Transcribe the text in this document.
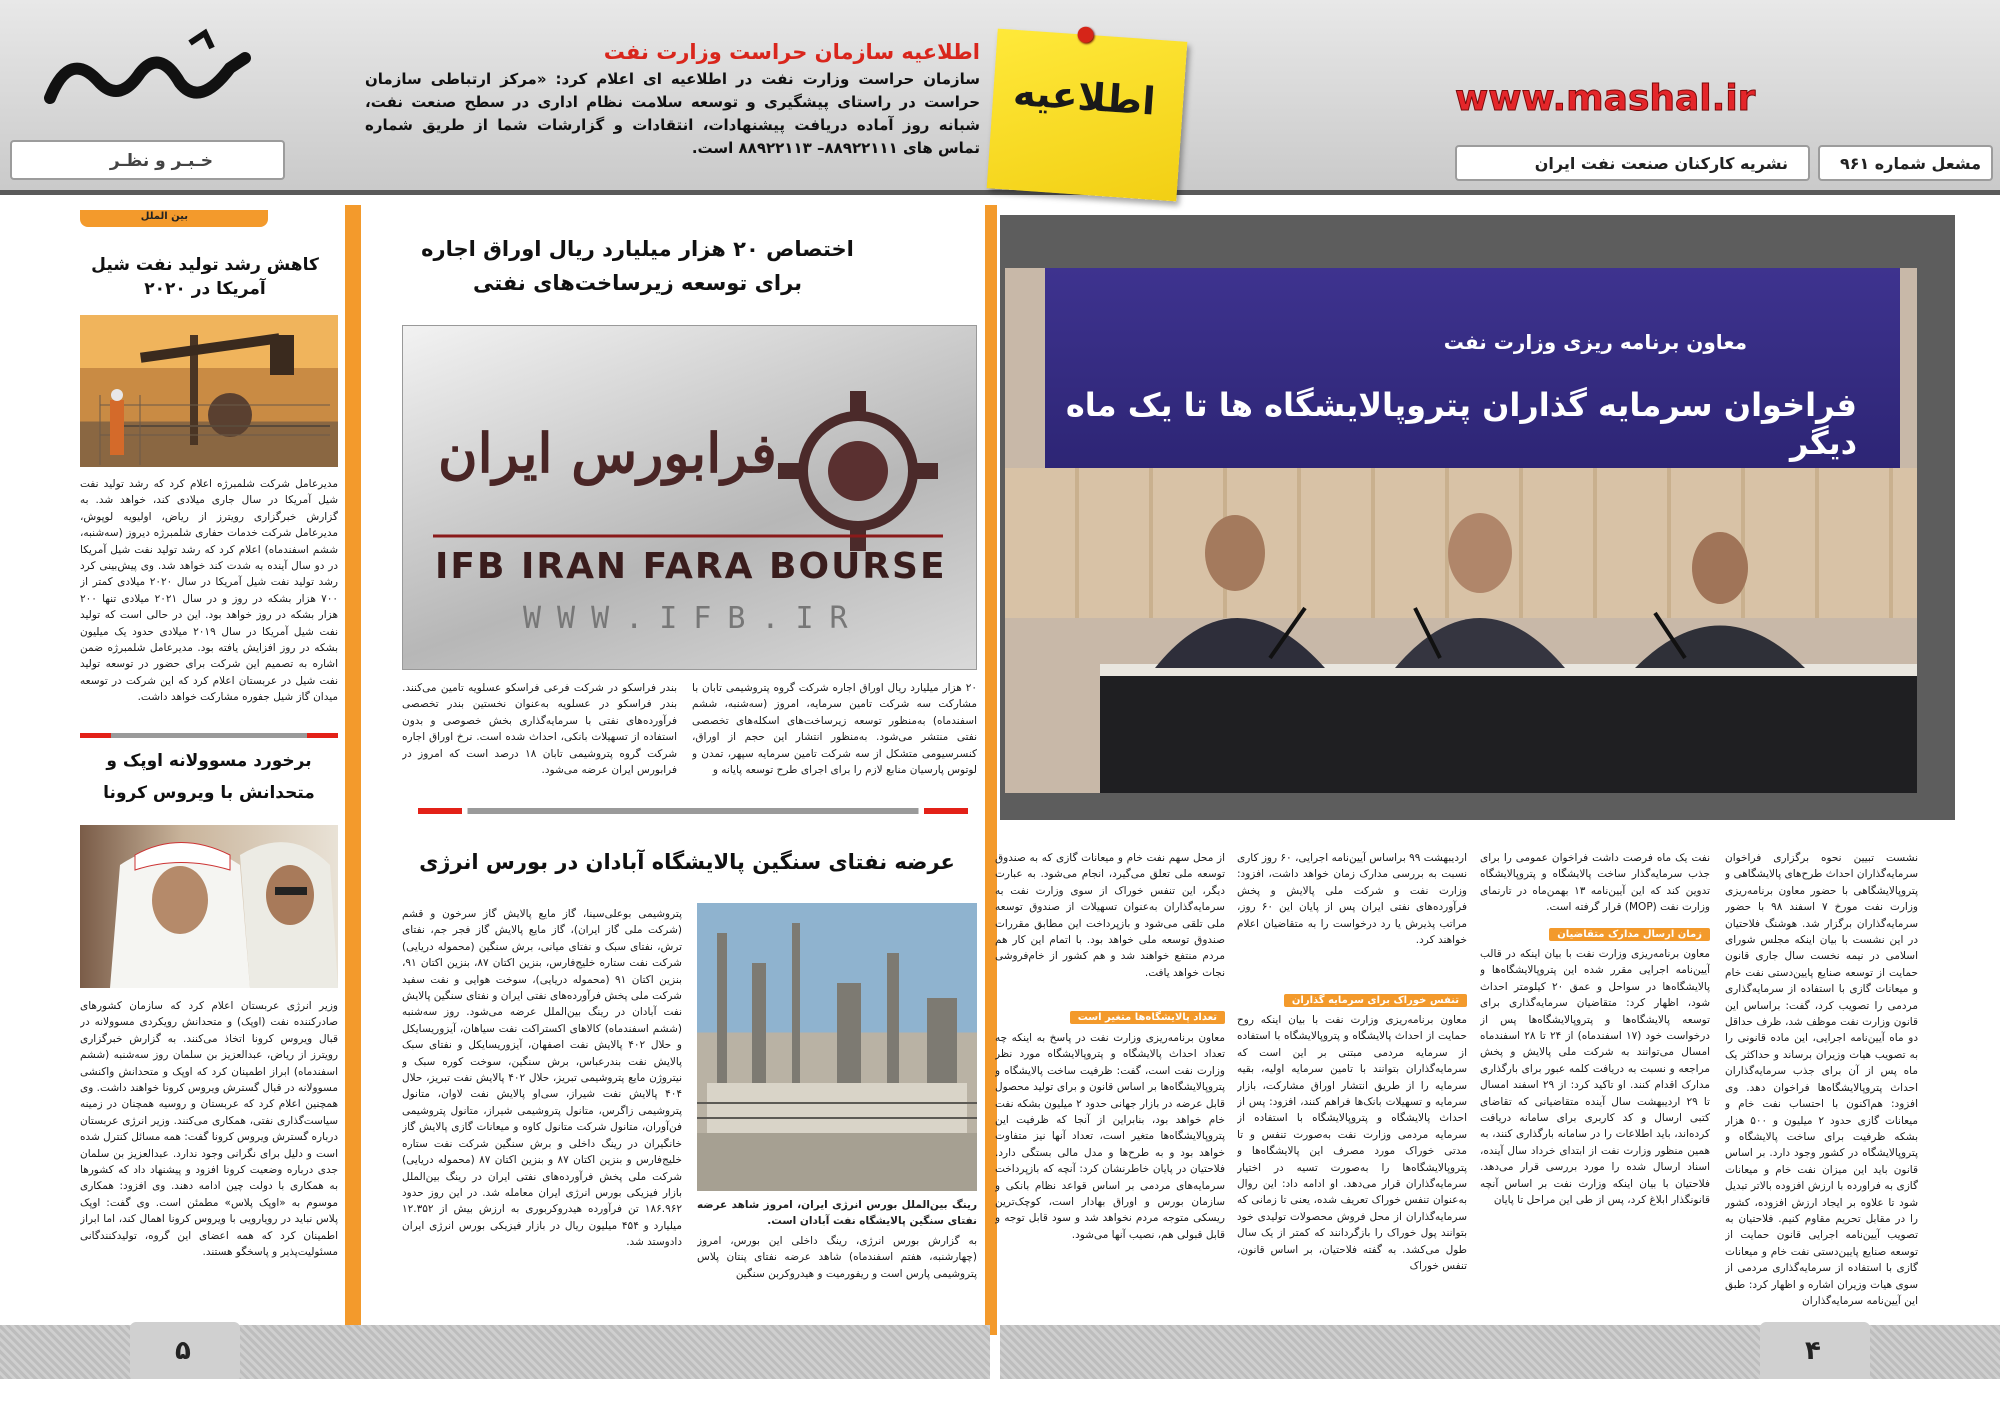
خـبـر و نظـر
اطلاعیه سازمان حراست وزارت نفت
سازمان حراست وزارت نفت در اطلاعیه ای اعلام کرد: «مرکز ارتباطی سازمان حراست در راستای پیشگیری و توسعه سلامت نظام اداری در سطح صنعت نفت، شبانه روز آماده دریافت پیشنهادات، انتقادات و گزارشات شما از طریق شماره تماس های ۸۸۹۲۲۱۱۱– ۸۸۹۲۲۱۱۳ است.
اطلاعیه	www.mashal.ir
نشریه کارکنان صنعت نفت ایران	مشعل شماره ۹۶۱
بین الملل
کاهش رشد تولید نفت شیل آمریکا در ۲۰۲۰
مدیرعامل شرکت شلمبرژه اعلام کرد که رشد تولید نفت شیل آمریکا در سال جاری میلادی کند، خواهد شد. به گزارش خبرگزاری رویترز از ریاض، اولیویه لوپوش، مدیرعامل شرکت خدمات حفاری شلمبرژه دیروز (سه‌شنبه، ششم اسفندماه) اعلام کرد که رشد تولید نفت شیل آمریکا در دو سال آینده به شدت کند خواهد شد. وی پیش‌بینی کرد رشد تولید نفت شیل آمریکا در سال ۲۰۲۰ میلادی کمتر از ۷۰۰ هزار بشکه در روز و در سال ۲۰۲۱ میلادی تنها ۲۰۰ هزار بشکه در روز خواهد بود. این در حالی است که تولید نفت شیل آمریکا در سال ۲۰۱۹ میلادی حدود یک میلیون بشکه در روز افزایش یافته بود. مدیرعامل شلمبرژه ضمن اشاره به تصمیم این شرکت برای حضور در توسعه تولید نفت شیل در عربستان اعلام کرد که این شرکت در توسعه میدان گاز شیل جفوره مشارکت خواهد داشت.
برخورد مسوولانه اوپک و متحدانش با ویروس کرونا
وزیر انرژی عربستان اعلام کرد که سازمان کشورهای صادرکننده نفت (اوپک) و متحدانش رویکردی مسوولانه در قبال ویروس کرونا اتخاذ می‌کنند. به گزارش خبرگزاری رویترز از ریاض، عبدالعزیز بن سلمان روز سه‌شنبه (ششم اسفندماه) ابراز اطمینان کرد که اوپک و متحدانش واکنشی مسوولانه در قبال گسترش ویروس کرونا خواهند داشت. وی همچنین اعلام کرد که عربستان و روسیه همچنان در زمینه سیاست‌گذاری نفتی، همکاری می‌کنند. وزیر انرژی عربستان درباره گسترش ویروس کرونا گفت: همه مسائل کنترل شده است و دلیل برای نگرانی وجود ندارد. عبدالعزیز بن سلمان جدی درباره وضعیت کرونا افزود و پیشنهاد داد که کشورها به همکاری با دولت چین ادامه دهند. وی افزود: همکاری موسوم به «اوپک پلاس» مطمئن است. وی گفت: اوپک پلاس نباید در رویارویی با ویروس کرونا اهمال کند، اما ابراز اطمینان کرد که همه اعضای این گروه، تولیدکنندگانی مسئولیت‌پذیر و پاسخگو هستند.
اختصاص ۲۰ هزار میلیارد ریال اوراق اجاره برای توسعه زیرساخت‌های نفتی
فرابورس ایران
IFB IRAN FARA BOURSE
WWW.IFB.IR
۲۰ هزار میلیارد ریال اوراق اجاره شرکت گروه پتروشیمی تابان با مشارکت سه شرکت تامین سرمایه، امروز (سه‌شنبه، ششم اسفندماه) به‌منظور توسعه زیرساخت‌های اسکله‌های تخصصی نفتی منتشر می‌شود. به‌منظور انتشار این حجم از اوراق، کنسرسیومی متشکل از سه شرکت تامین سرمایه سپهر، تمدن و لوتوس پارسیان منابع لازم را برای اجرای طرح توسعه پایانه و
بندر فراسکو در شرکت فرعی فراسکو عسلویه تامین می‌کنند. بندر فراسکو در عسلویه به‌عنوان نخستین بندر تخصصی فرآورده‌های نفتی با سرمایه‌گذاری بخش خصوصی و بدون استفاده از تسهیلات بانکی، احداث شده است. نرخ اوراق اجاره شرکت گروه پتروشیمی تابان ۱۸ درصد است که امروز در فرابورس ایران عرضه می‌شود.
عرضه نفتای سنگین پالایشگاه آبادان در بورس انرژی
رینگ بین‌الملل بورس انرژی ایران، امروز شاهد عرضه نفتای سنگین پالایشگاه نفت آبادان است.
به گزارش بورس انرژی، رینگ داخلی این بورس، امروز (چهارشنبه، هفتم اسفندماه) شاهد عرضه نفتای پنتان پلاس پتروشیمی پارس است و ریفورمیت و هیدروکربن سنگین
پتروشیمی بوعلی‌سینا، گاز مایع پالایش گاز سرخون و قشم (شرکت ملی گاز ایران)، گاز مایع پالایش گاز فجر جم، نفتای ترش، نفتای سبک و نفتای میانی، برش سنگین (محموله دریایی) شرکت نفت ستاره خلیج‌فارس، بنزین اکتان ۸۷، بنزین اکتان ۹۱، بنزین اکتان ۹۱ (محموله دریایی)، سوخت هوایی و نفت سفید شرکت ملی پخش فرآورده‌های نفتی ایران و نفتای سنگین پالایش نفت آبادان در رینگ بین‌الملل عرضه می‌شود. روز سه‌شنبه (ششم اسفندماه) کالاهای اکستراکت نفت سیاهان، آیزوریسایکل و حلال ۴۰۲ پالایش نفت اصفهان، آیزوریسایکل و نفتای سبک پالایش نفت بندرعباس، برش سنگین، سوخت کوره سبک و نیتروژن مایع پتروشیمی تبریز، حلال ۴۰۲ پالایش نفت تبریز، حلال ۴۰۴ پالایش نفت شیراز، سی‌او پالایش نفت لاوان، متانول پتروشیمی زاگرس، متانول پتروشیمی شیراز، متانول پتروشیمی فن‌آوران، متانول شرکت متانول کاوه و میعانات گازی پالایش گاز خانگیران در رینگ داخلی و برش سنگین شرکت نفت ستاره خلیج‌فارس و بنزین اکتان ۸۷ و بنزین اکتان ۸۷ (محموله دریایی) شرکت ملی پخش فرآورده‌های نفتی ایران در رینگ بین‌الملل بازار فیزیکی بورس انرژی ایران معامله شد. در این روز حدود ۱۸۶.۹۶۲ تن فرآورده هیدروکربوری به ارزش بیش از ۱۲.۳۵۲ میلیارد و ۴۵۴ میلیون ریال در بازار فیزیکی بورس انرژی ایران دادوستد شد.
۵
معاون برنامه ریزی وزارت نفت
فراخوان سرمایه گذاران پتروپالایشگاه ها تا یک ماه دیگر
نشست تبیین نحوه برگزاری فراخوان سرمایه‌گذاران احداث طرح‌های پالایشگاهی و پتروپالایشگاهی با حضور معاون برنامه‌ریزی وزارت نفت مورخ ۷ اسفند ۹۸ با حضور سرمایه‌گذاران برگزار شد. هوشنگ فلاحتیان در این نشست با بیان اینکه مجلس شورای اسلامی در نیمه نخست سال جاری قانون حمایت از توسعه صنایع پایین‌دستی نفت خام و میعانات گازی با استفاده از سرمایه‌گذاری مردمی را تصویب کرد، گفت: براساس این قانون وزارت نفت موظف شد، ظرف حداقل دو ماه آیین‌نامه اجرایی، این ماده قانونی را به تصویب هیات وزیران برساند و حداکثر یک ماه پس از آن برای جذب سرمایه‌گذاران احداث پتروپالایشگاه‌ها فراخوان دهد. وی افزود: هم‌اکنون با احتساب نفت خام و میعانات گازی حدود ۲ میلیون و ۵۰۰ هزار بشکه ظرفیت برای ساخت پالایشگاه و پتروپالایشگاه در کشور وجود دارد. بر اساس قانون باید این میزان نفت خام و میعانات گازی به فراورده با ارزش افزوده بالاتر تبدیل شود تا علاوه بر ایجاد ارزش افزوده، کشور را در مقابل تحریم مقاوم کنیم. فلاحتیان به تصویب آیین‌نامه اجرایی قانون حمایت از توسعه صنایع پایین‌دستی نفت خام و میعانات گازی با استفاده از سرمایه‌گذاری مردمی از سوی هیات وزیران اشاره و اظهار کرد: طبق این آیین‌نامه سرمایه‌گذاران
نفت یک ماه فرصت داشت فراخوان عمومی را برای جذب سرمایه‌گذار ساخت پالایشگاه و پتروپالایشگاه تدوین کند که این آیین‌نامه ۱۳ بهمن‌ماه در تارنمای وزارت نفت (MOP) قرار گرفته است.
زمان ارسال مدارک متقاضیان
معاون برنامه‌ریزی وزارت نفت با بیان اینکه در قالب آیین‌نامه اجرایی مقرر شده این پتروپالایشگاه‌ها و پالایشگاه‌ها در سواحل و عمق ۲۰ کیلومتر احداث شود، اظهار کرد: متقاضیان سرمایه‌گذاری برای توسعه پالایشگاه‌ها و پتروپالایشگاه‌ها پس از درخواست خود (۱۷ اسفندماه) از ۲۴ تا ۲۸ اسفندماه امسال می‌توانند به شرکت ملی پالایش و پخش مراجعه و نسبت به دریافت کلمه عبور برای بارگذاری مدارک اقدام کنند. او تاکید کرد: از ۲۹ اسفند امسال تا ۲۹ اردیبهشت سال آینده متقاضیانی که تقاضای کتبی ارسال و کد کاربری برای سامانه دریافت کرده‌اند، باید اطلاعات را در سامانه بارگذاری کنند، به همین منظور وزارت نفت از ابتدای خرداد سال آینده، اسناد ارسال شده را مورد بررسی قرار می‌دهد. فلاحتیان با بیان اینکه وزارت نفت بر اساس آنچه قانونگذار ابلاغ کرد، پس از طی این مراحل تا پایان
اردیبهشت ۹۹ براساس آیین‌نامه اجرایی، ۶۰ روز کاری نسبت به بررسی مدارک زمان خواهد داشت، افزود: وزارت نفت و شرکت ملی پالایش و پخش فرآورده‌های نفتی ایران پس از پایان این ۶۰ روز، مراتب پذیرش یا رد درخواست را به متقاضیان اعلام خواهند کرد.
تنفس خوراک برای سرمایه گذاران
معاون برنامه‌ریزی وزارت نفت با بیان اینکه روح حمایت از احداث پالایشگاه و پتروپالایشگاه با استفاده از سرمایه مردمی مبتنی بر این است که سرمایه‌گذاران بتوانند با تامین سرمایه اولیه، بقیه سرمایه را از طریق انتشار اوراق مشارکت، بازار سرمایه و تسهیلات بانک‌ها فراهم کنند، افزود: پس از احداث پالایشگاه و پتروپالایشگاه با استفاده از سرمایه مردمی وزارت نفت به‌صورت تنفس و تا مدتی خوراک مورد مصرف این پالایشگاه‌ها و پتروپالایشگاه‌ها را به‌صورت تسیه در اختیار سرمایه‌گذاران قرار می‌دهد. او ادامه داد: این روال به‌عنوان تنفس خوراک تعریف شده، یعنی تا زمانی که سرمایه‌گذاران از محل فروش محصولات تولیدی خود بتوانند پول خوراک را بازگردانند که کمتر از یک سال طول می‌کشد. به گفته فلاحتیان، بر اساس قانون، تنفس خوراک
از محل سهم نفت خام و میعانات گازی که به صندوق توسعه ملی تعلق می‌گیرد، انجام می‌شود. به عبارت دیگر، این تنفس خوراک از سوی وزارت نفت به سرمایه‌گذاران به‌عنوان تسهیلات از صندوق توسعه ملی تلقی می‌شود و بازپرداخت این مطابق مقررات صندوق توسعه ملی خواهد بود. با اتمام این کار هم مردم منتفع خواهند شد و هم کشور از خام‌فروشی نجات خواهد یافت.
تعداد پالایشگاه‌ها متغیر است
معاون برنامه‌ریزی وزارت نفت در پاسخ به اینکه چه تعداد احداث پالایشگاه و پتروپالایشگاه مورد نظر وزارت نفت است، گفت: ظرفیت ساخت پالایشگاه و پتروپالایشگاه‌ها بر اساس قانون و برای تولید محصول قابل عرضه در بازار جهانی حدود ۲ میلیون بشکه نفت خام خواهد بود، بنابراین از آنجا که ظرفیت این پتروپالایشگاه‌ها متغیر است، تعداد آنها نیز متفاوت خواهد بود و به طرح‌ها و مدل مالی بستگی دارد. فلاحتیان در پایان خاطرنشان کرد: آنچه که بازپرداخت سرمایه‌های مردمی بر اساس قواعد نظام بانکی و سازمان بورس و اوراق بهادار است، کوچک‌ترین ریسکی متوجه مردم نخواهد شد و سود قابل توجه و قابل قبولی هم، نصیب آنها می‌شود.
۴
